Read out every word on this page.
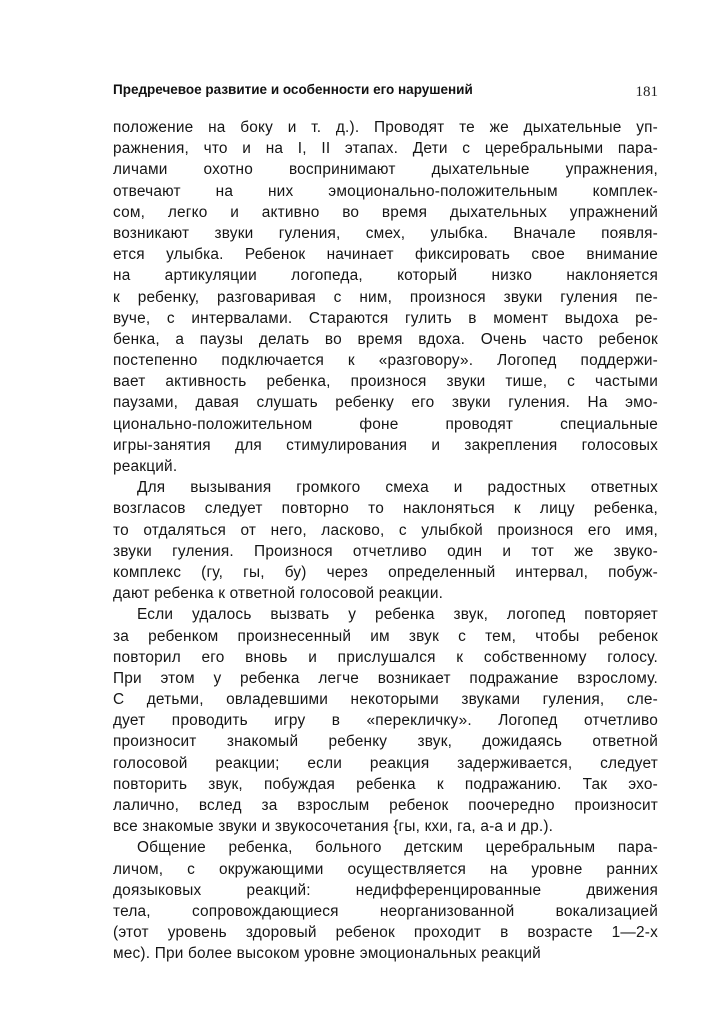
Предречевое развитие и особенности его нарушений	181
положение на боку и т. д.). Проводят те же дыхательные уп-
ражнения, что и на I, II этапах. Дети с церебральными пара-
личами охотно воспринимают дыхательные упражнения,
отвечают на них эмоционально-положительным комплек-
сом, легко и активно во время дыхательных упражнений
возникают звуки гуления, смех, улыбка. Вначале появля-
ется улыбка. Ребенок начинает фиксировать свое внимание
на артикуляции логопеда, который низко наклоняется
к ребенку, разговаривая с ним, произнося звуки гуления пе-
вуче, с интервалами. Стараются гулить в момент выдоха ре-
бенка, а паузы делать во время вдоха. Очень часто ребенок
постепенно подключается к «разговору». Логопед поддержи-
вает активность ребенка, произнося звуки тише, с частыми
паузами, давая слушать ребенку его звуки гуления. На эмо-
ционально-положительном фоне проводят специальные
игры-занятия для стимулирования и закрепления голосовых
реакций.
Для вызывания громкого смеха и радостных ответных
возгласов следует повторно то наклоняться к лицу ребенка,
то отдаляться от него, ласково, с улыбкой произнося его имя,
звуки гуления. Произнося отчетливо один и тот же звуко-
комплекс (гу, гы, бу) через определенный интервал, побуж-
дают ребенка к ответной голосовой реакции.
Если удалось вызвать у ребенка звук, логопед повторяет
за ребенком произнесенный им звук с тем, чтобы ребенок
повторил его вновь и прислушался к собственному голосу.
При этом у ребенка легче возникает подражание взрослому.
С детьми, овладевшими некоторыми звуками гуления, сле-
дует проводить игру в «перекличку». Логопед отчетливо
произносит знакомый ребенку звук, дожидаясь ответной
голосовой реакции; если реакция задерживается, следует
повторить звук, побуждая ребенка к подражанию. Так эхо-
лалично, вслед за взрослым ребенок поочередно произносит
все знакомые звуки и звукосочетания {гы, кхи, га, а-а и др.).
Общение ребенка, больного детским церебральным пара-
личом, с окружающими осуществляется на уровне ранних
доязыковых реакций: недифференцированные движения
тела, сопровождающиеся неорганизованной вокализацией
(этот уровень здоровый ребенок проходит в возрасте 1—2-х
мес). При более высоком уровне эмоциональных реакций
